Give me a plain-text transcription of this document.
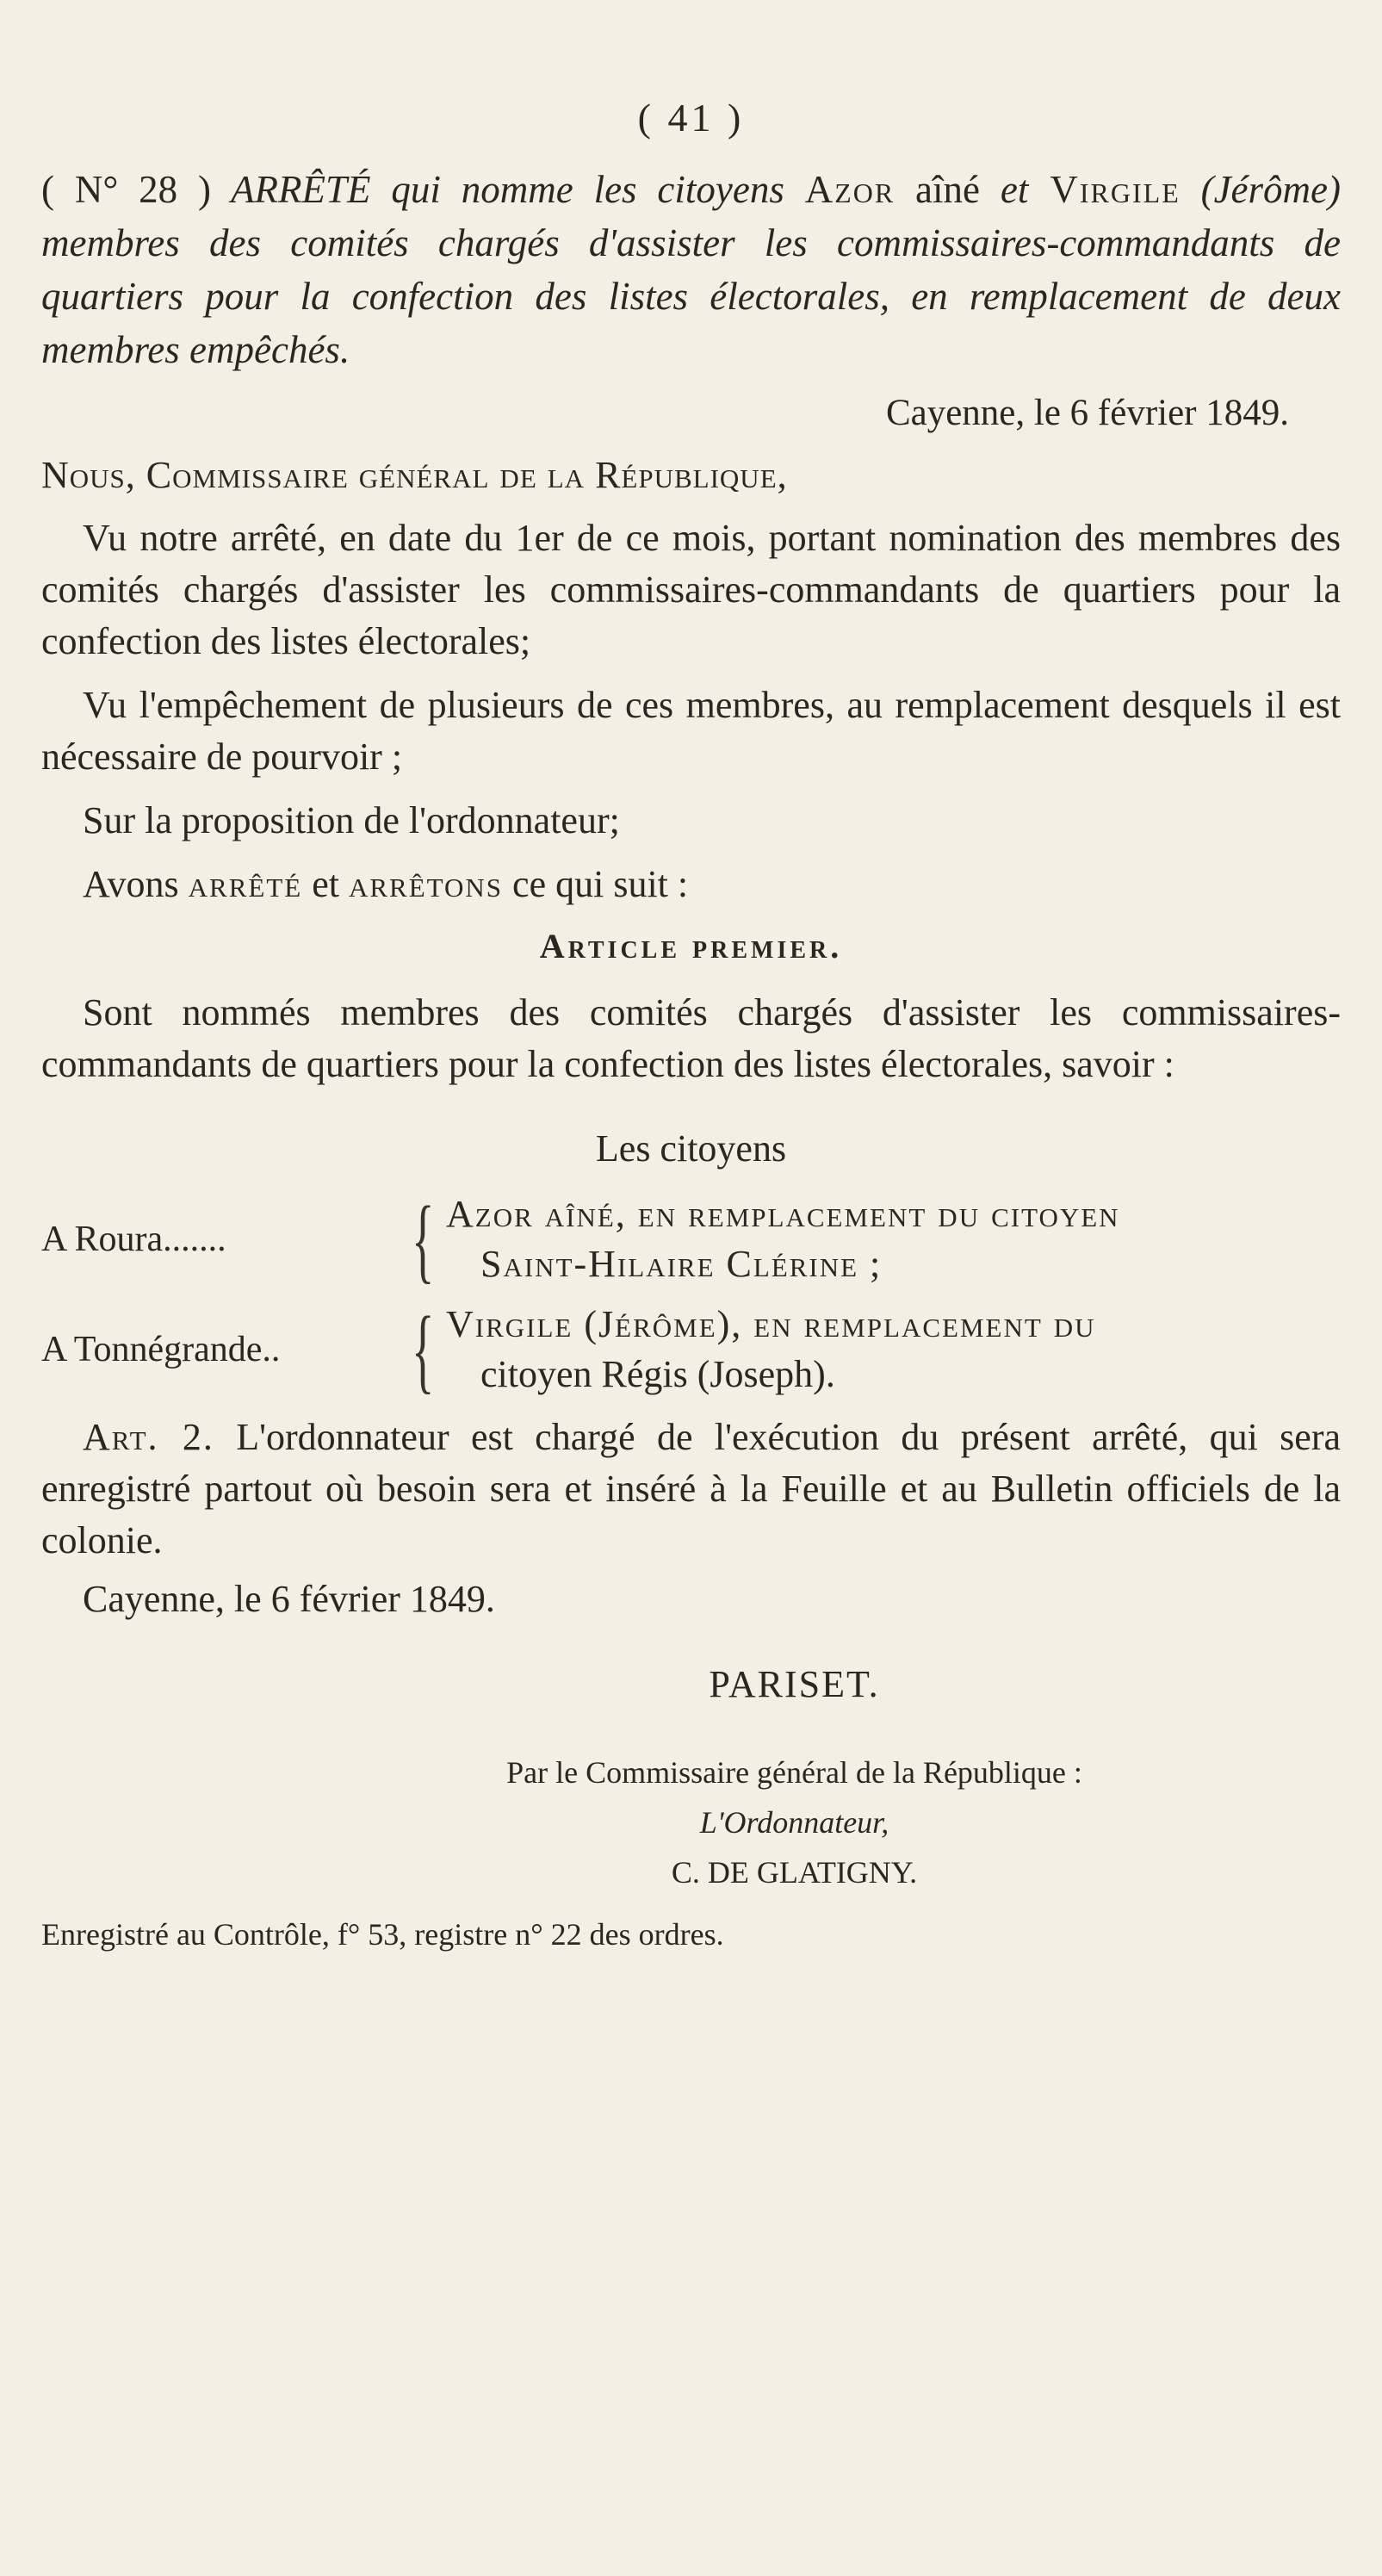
( 41 )

( N° 28 ) ARRÊTÉ qui nomme les citoyens Azor aîné et Virgile (Jérôme) membres des comités chargés d'assister les commissaires-commandants de quartiers pour la confection des listes électorales, en remplacement de deux membres empêchés.

Cayenne, le 6 février 1849.
Nous, Commissaire général de la République,

Vu notre arrêté, en date du 1er de ce mois, portant nomination des membres des comités chargés d'assister les commissaires-commandants de quartiers pour la confection des listes électorales;

Vu l'empêchement de plusieurs de ces membres, au remplacement desquels il est nécessaire de pourvoir ;

Sur la proposition de l'ordonnateur;

Avons arrêté et arrêtons ce qui suit :

Article premier.

Sont nommés membres des comités chargés d'assister les commissaires-commandants de quartiers pour la confection des listes électorales, savoir :

Les citoyens
A Roura.......	{ Azor aîné, en remplacement du citoyen
Saint-Hilaire Clérine ;
A Tonnégrande..	{ Virgile (Jérôme), en remplacement du
citoyen Régis (Joseph).

Art. 2. L'ordonnateur est chargé de l'exécution du présent arrêté, qui sera enregistré partout où besoin sera et inséré à la Feuille et au Bulletin officiels de la colonie.

Cayenne, le 6 février 1849.
PARISET.
Par le Commissaire général de la République :
L'Ordonnateur,
C. DE GLATIGNY.
Enregistré au Contrôle, f° 53, registre n° 22 des ordres.
